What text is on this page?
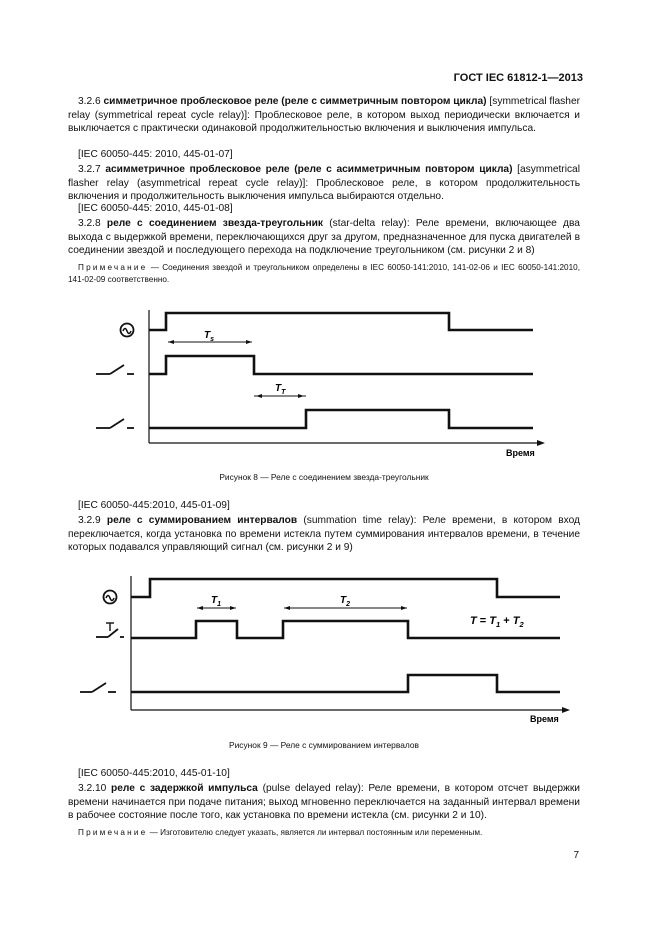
ГОСТ IEC 61812-1—2013

3.2.6 симметричное проблесковое реле (реле с симметричным повтором цикла) [symmetrical flasher relay (symmetrical repeat cycle relay)]: Проблесковое реле, в котором выход периодически включается и выключается с практически одинаковой продолжительностью включения и выключения импульса.

[IEC 60050-445: 2010, 445-01-07]

3.2.7 асимметричное проблесковое реле (реле с асимметричным повтором цикла) [asymmetrical flasher relay (asymmetrical repeat cycle relay)]: Проблесковое реле, в котором продолжительность включения и продолжительность выключения импульса выбираются отдельно.

[IEC 60050-445: 2010, 445-01-08]

3.2.8 реле с соединением звезда-треугольник (star-delta relay): Реле времени, включающее два выхода с выдержкой времени, переключающихся друг за другом, предназначенное для пуска двигателей в соединении звездой и последующего перехода на подключение треугольником (см. рисунки 2 и 8)

Примечание — Соединения звездой и треугольником определены в IEC 60050-141:2010, 141-02-06 и IEC 60050-141:2010, 141-02-09 соответственно.

$T_s$
$T_T$
Время
Рисунок 8 — Реле с соединением звезда-треугольник
[IEC 60050-445:2010, 445-01-09]

3.2.9 реле с суммированием интервалов (summation time relay): Реле времени, в котором вход переключается, когда установка по времени истекла путем суммирования интервалов времени, в течение которых подавался управляющий сигнал (см. рисунки 2 и 9)

$T_1$	$T_2$
$T = T_1 + T_2$
Время
Рисунок 9 — Реле с суммированием интервалов
[IEC 60050-445:2010, 445-01-10]

3.2.10 реле с задержкой импульса (pulse delayed relay): Реле времени, в котором отсчет выдержки времени начинается при подаче питания; выход мгновенно переключается на заданный интервал времени в рабочее состояние после того, как установка по времени истекла (см. рисунки 2 и 10).

Примечание — Изготовителю следует указать, является ли интервал постоянным или переменным.

7
